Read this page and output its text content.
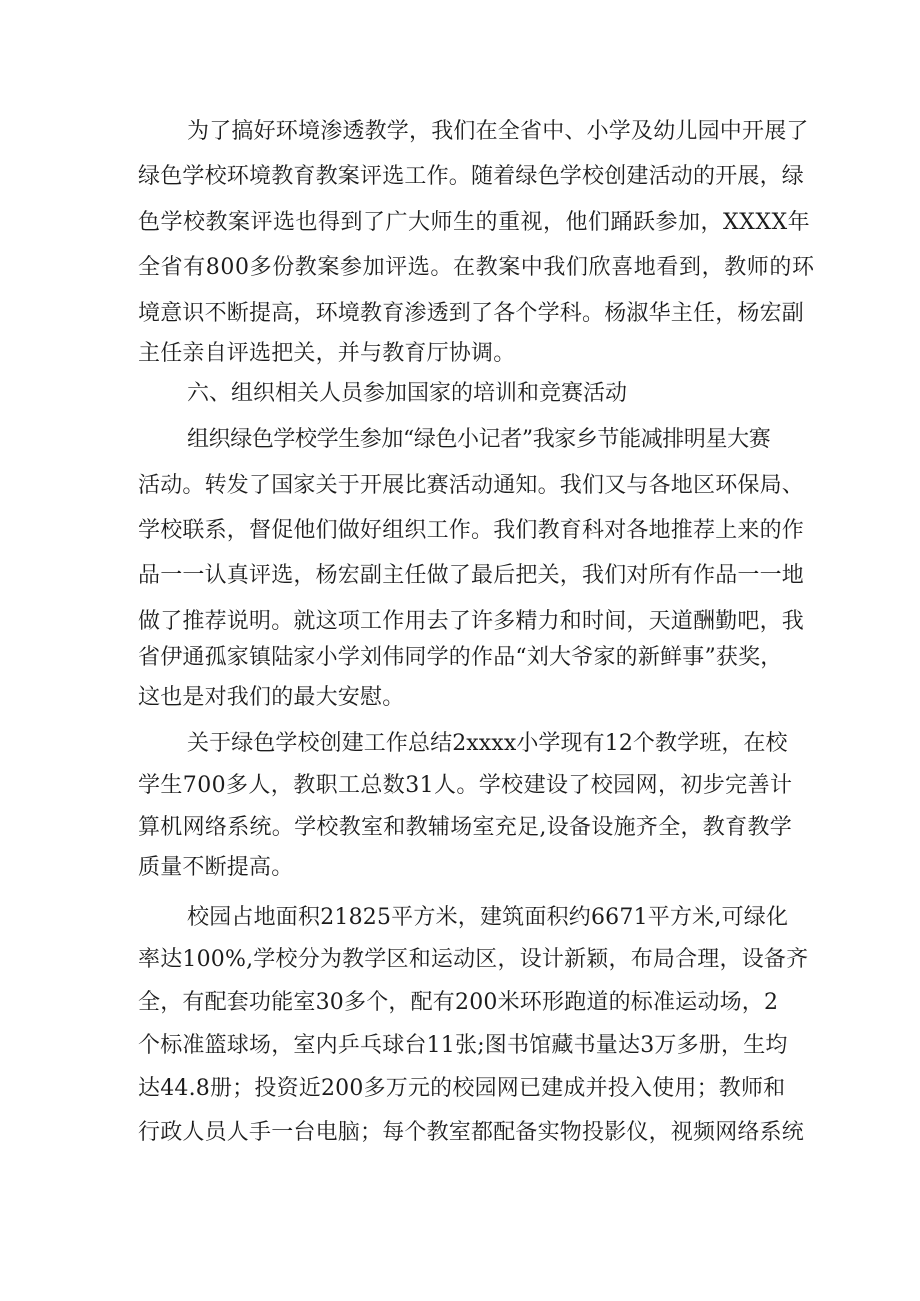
为了搞好环境渗透教学，我们在全省中、小学及幼儿园中开展了

绿色学校环境教育教案评选工作。随着绿色学校创建活动的开展，绿

色学校教案评选也得到了广大师生的重视，他们踊跃参加，XXXX年

全省有800多份教案参加评选。在教案中我们欣喜地看到，教师的环

境意识不断提高，环境教育渗透到了各个学科。杨淑华主任，杨宏副

主任亲自评选把关，并与教育厅协调。

六、组织相关人员参加国家的培训和竞赛活动

组织绿色学校学生参加“绿色小记者”我家乡节能减排明星大赛

活动。转发了国家关于开展比赛活动通知。我们又与各地区环保局、

学校联系，督促他们做好组织工作。我们教育科对各地推荐上来的作

品一一认真评选，杨宏副主任做了最后把关，我们对所有作品一一地

做了推荐说明。就这项工作用去了许多精力和时间，天道酬勤吧，我

省伊通孤家镇陆家小学刘伟同学的作品“刘大爷家的新鲜事”获奖，

这也是对我们的最大安慰。

关于绿色学校创建工作总结2xxxx小学现有12个教学班，在校

学生700多人，教职工总数31人。学校建设了校园网，初步完善计

算机网络系统。学校教室和教辅场室充足,设备设施齐全，教育教学

质量不断提高。

校园占地面积21825平方米，建筑面积约6671平方米,可绿化

率达100%,学校分为教学区和运动区，设计新颖，布局合理，设备齐

全，有配套功能室30多个，配有200米环形跑道的标准运动场，2

个标准篮球场，室内乒乓球台11张;图书馆藏书量达3万多册，生均

达44.8册；投资近200多万元的校园网已建成并投入使用；教师和

行政人员人手一台电脑；每个教室都配备实物投影仪，视频网络系统
